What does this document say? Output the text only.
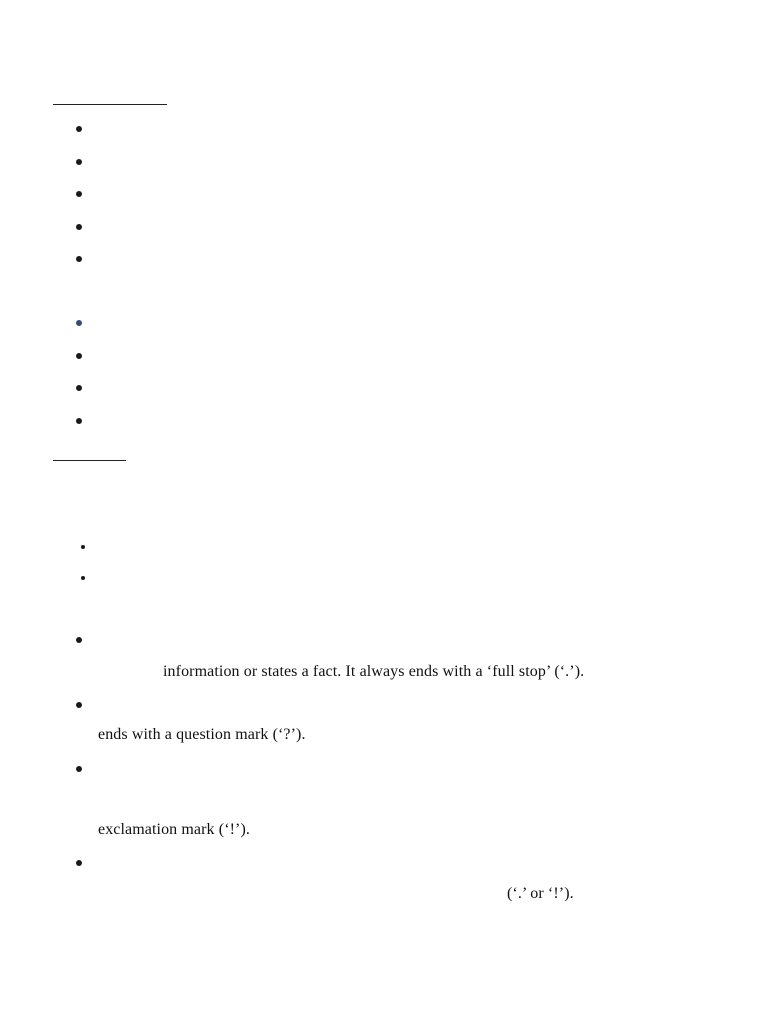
information or states a fact. It always ends with a ‘full stop’ (‘.’).
ends with a question mark (‘?’).
exclamation mark (‘!’).
(‘.’ or ‘!’).
